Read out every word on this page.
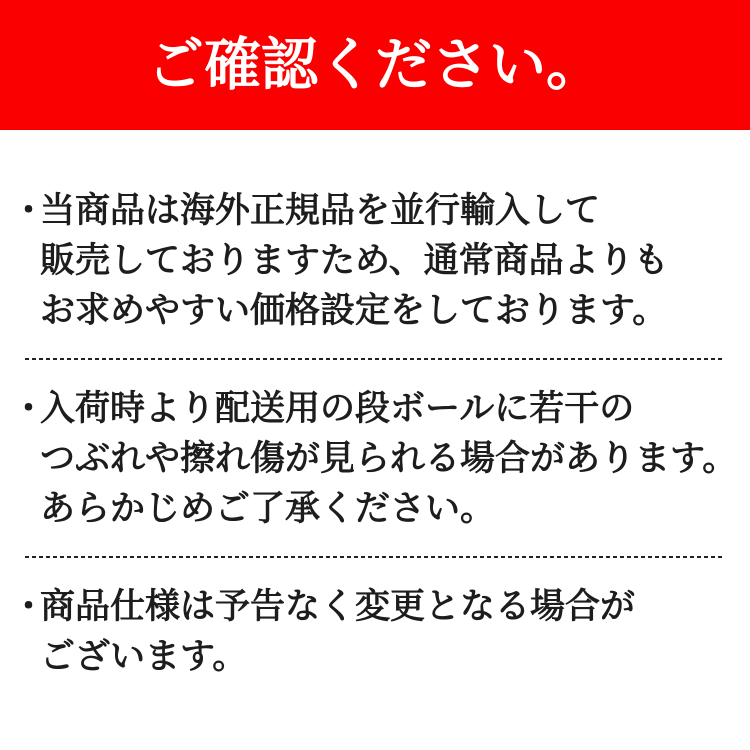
ご確認ください。
・
当商品は海外正規品を並行輸入して
販売しておりますため、通常商品よりも
お求めやすい価格設定をしております。
・
入荷時より配送用の段ボールに若干の
つぶれや擦れ傷が見られる場合があります。
あらかじめご了承ください。
・
商品仕様は予告なく変更となる場合が
ございます。
